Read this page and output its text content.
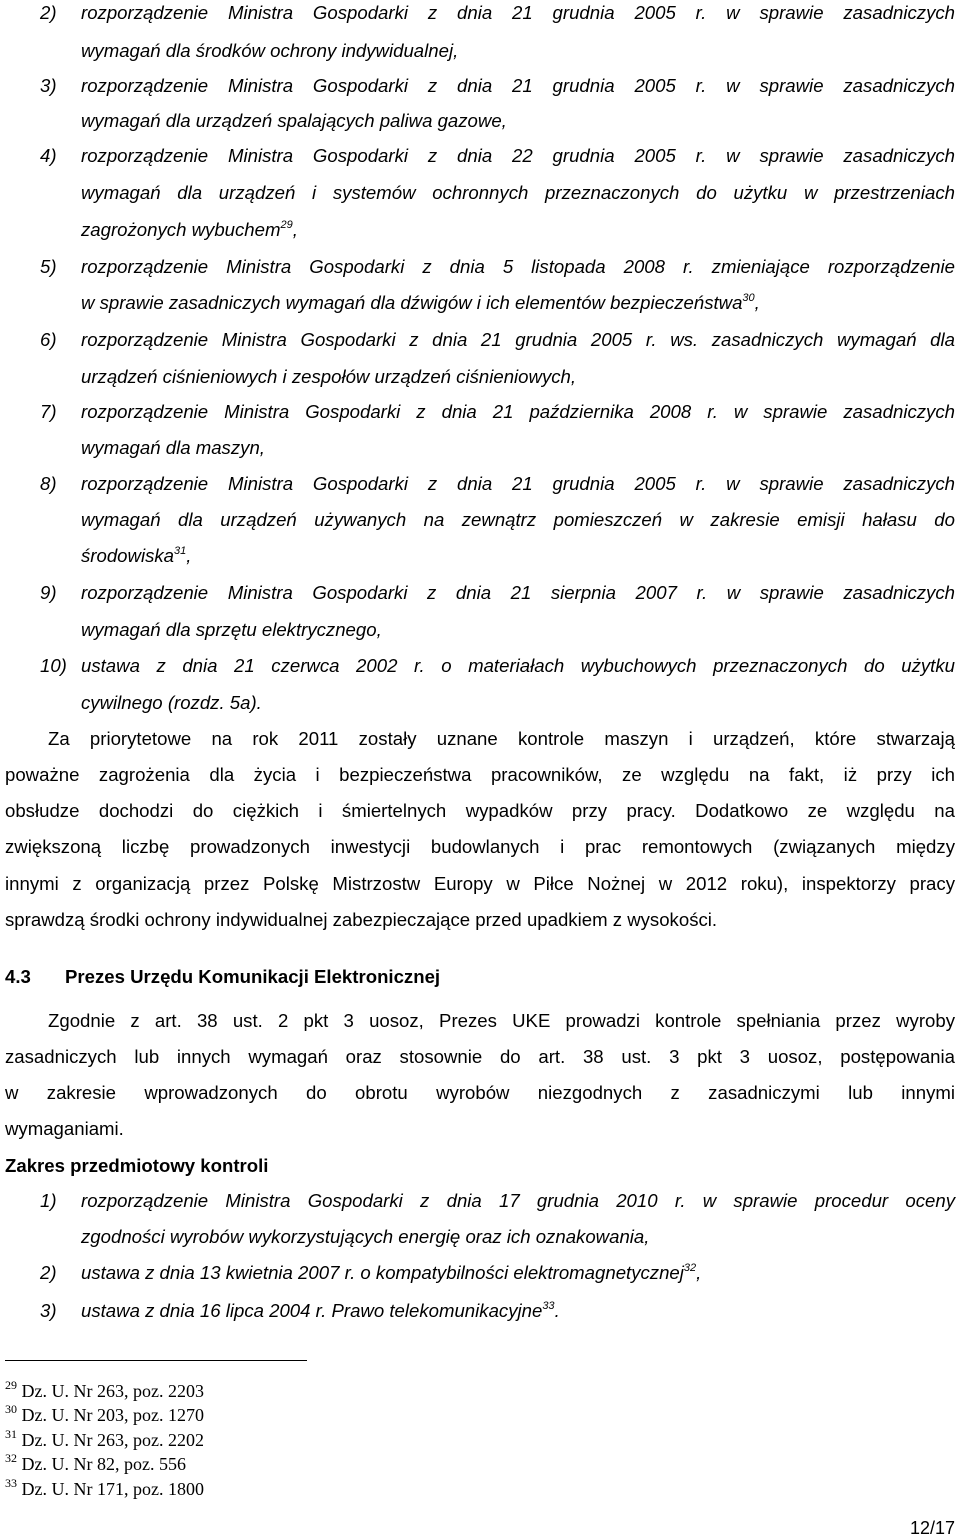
2) rozporządzenie Ministra Gospodarki z dnia 21 grudnia 2005 r. w sprawie zasadniczych
wymagań dla środków ochrony indywidualnej,
3) rozporządzenie Ministra Gospodarki z dnia 21 grudnia 2005 r. w sprawie zasadniczych
wymagań dla urządzeń spalających paliwa gazowe,
4) rozporządzenie Ministra Gospodarki z dnia 22 grudnia 2005 r. w sprawie zasadniczych
wymagań dla urządzeń i systemów ochronnych przeznaczonych do użytku w przestrzeniach
zagrożonych wybuchem$^{29}$,
5) rozporządzenie Ministra Gospodarki z dnia 5 listopada 2008 r. zmieniające rozporządzenie
w sprawie zasadniczych wymagań dla dźwigów i ich elementów bezpieczeństwa$^{30}$,
6) rozporządzenie Ministra Gospodarki z dnia 21 grudnia 2005 r. ws. zasadniczych wymagań dla
urządzeń ciśnieniowych i zespołów urządzeń ciśnieniowych,
7) rozporządzenie Ministra Gospodarki z dnia 21 października 2008 r. w sprawie zasadniczych
wymagań dla maszyn,
8) rozporządzenie Ministra Gospodarki z dnia 21 grudnia 2005 r. w sprawie zasadniczych
wymagań dla urządzeń używanych na zewnątrz pomieszczeń w zakresie emisji hałasu do
środowiska$^{31}$,
9) rozporządzenie Ministra Gospodarki z dnia 21 sierpnia 2007 r. w sprawie zasadniczych
wymagań dla sprzętu elektrycznego,
10) ustawa z dnia 21 czerwca 2002 r. o materiałach wybuchowych przeznaczonych do użytku
cywilnego (rozdz. 5a).
Za priorytetowe na rok 2011 zostały uznane kontrole maszyn i urządzeń, które stwarzają
poważne zagrożenia dla życia i bezpieczeństwa pracowników, ze względu na fakt, iż przy ich
obsłudze dochodzi do ciężkich i śmiertelnych wypadków przy pracy. Dodatkowo ze względu na
zwiększoną liczbę prowadzonych inwestycji budowlanych i prac remontowych (związanych między
innymi z organizacją przez Polskę Mistrzostw Europy w Piłce Nożnej w 2012 roku), inspektorzy pracy
sprawdzą środki ochrony indywidualnej zabezpieczające przed upadkiem z wysokości.
4.3 Prezes Urzędu Komunikacji Elektronicznej
Zgodnie z art. 38 ust. 2 pkt 3 uosoz, Prezes UKE prowadzi kontrole spełniania przez wyroby
zasadniczych lub innych wymagań oraz stosownie do art. 38 ust. 3 pkt 3 uosoz, postępowania
w zakresie wprowadzonych do obrotu wyrobów niezgodnych z zasadniczymi lub innymi
wymaganiami.
Zakres przedmiotowy kontroli
1) rozporządzenie Ministra Gospodarki z dnia 17 grudnia 2010 r. w sprawie procedur oceny
zgodności wyrobów wykorzystujących energię oraz ich oznakowania,
2) ustawa z dnia 13 kwietnia 2007 r. o kompatybilności elektromagnetycznej$^{32}$,
3) ustawa z dnia 16 lipca 2004 r. Prawo telekomunikacyjne$^{33}$.
$^{29}$ Dz. U. Nr 263, poz. 2203
$^{30}$ Dz. U. Nr 203, poz. 1270
$^{31}$ Dz. U. Nr 263, poz. 2202
$^{32}$ Dz. U. Nr 82, poz. 556
$^{33}$ Dz. U. Nr 171, poz. 1800
12/17
